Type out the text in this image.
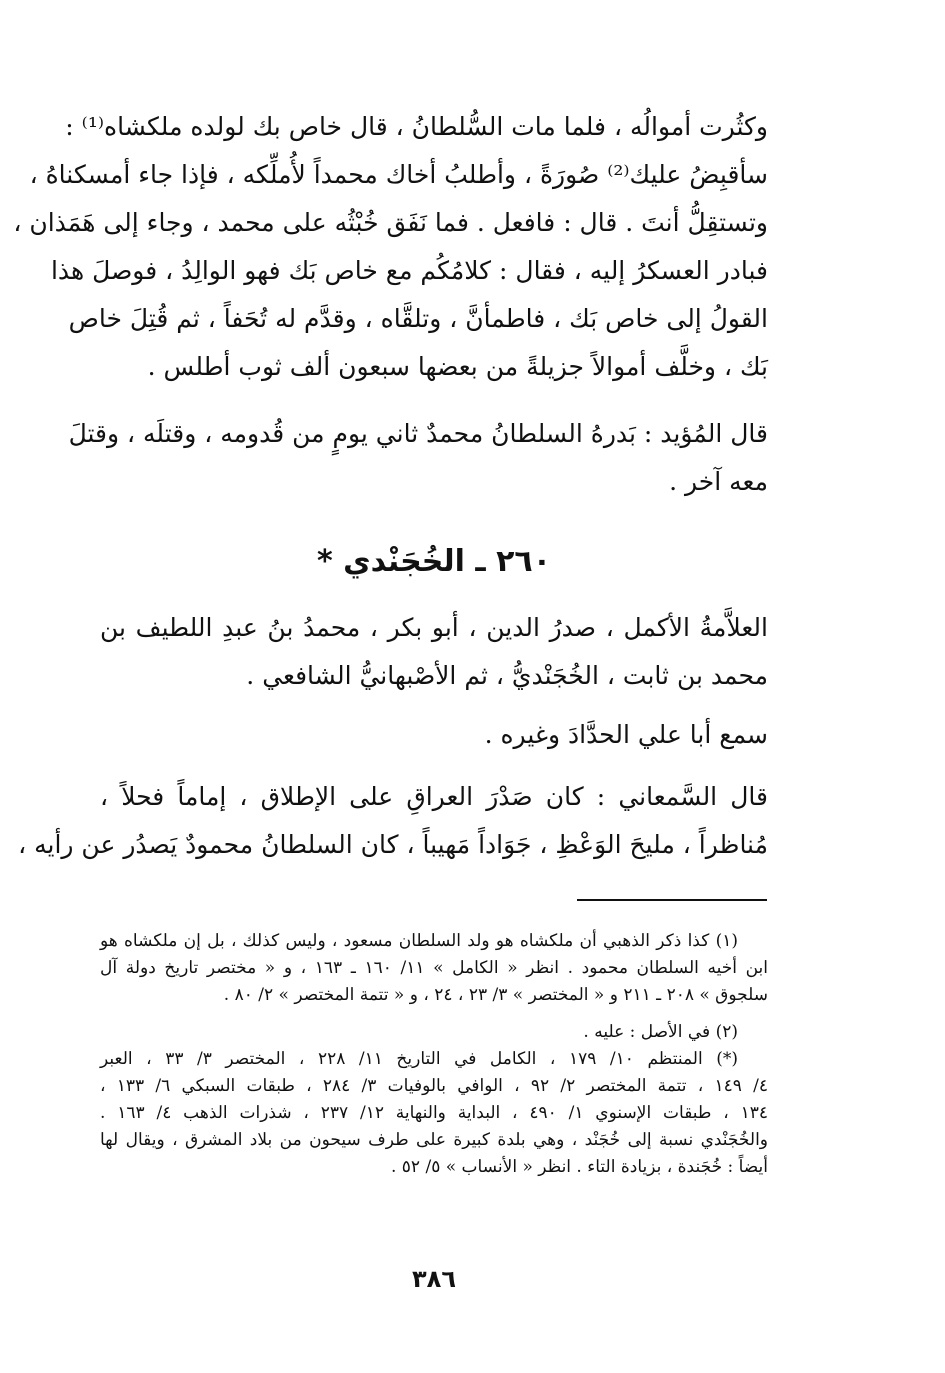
وكثُرت أموالُه ، فلما مات السُّلطانُ ، قال خاص بك لولده ملكشاه⁽¹⁾ :
سأقبِضُ عليك⁽²⁾ صُورَةً ، وأطلبُ أخاك محمداً لأُملِّكه ، فإذا جاء أمسكناهُ ،
وتستقِلُّ أنتَ . قال : فافعل . فما نَفَق خُبْثُه على محمد ، وجاء إلى هَمَذان ،
فبادر العسكرُ إليه ، فقال : كلامُكُم مع خاص بَك فهو الوالِدُ ، فوصلَ هذا
القولُ إلى خاص بَك ، فاطمأنَّ ، وتلقَّاه ، وقدَّم له تُحَفاً ، ثم قُتِلَ خاص
بَك ، وخلَّف أموالاً جزيلةً من بعضها سبعون ألف ثوب أطلس .
قال المُؤيد : بَدرهُ السلطانُ محمدٌ ثاني يومٍ من قُدومه ، وقتلَه ، وقتلَ
معه آخر .
٢٦٠ ـ الخُجَنْدي *
العلاَّمةُ الأكمل ، صدرُ الدين ، أبو بكر ، محمدُ بنُ عبدِ اللطيف بن
محمد بن ثابت ، الخُجَنْديُّ ، ثم الأصْبهانيُّ الشافعي .
سمع أبا علي الحدَّادَ وغيره .
قال السَّمعاني : كان صَدْرَ العراقِ على الإطلاق ، إماماً فحلاً ،
مُناظراً ، مليحَ الوَعْظِ ، جَوَاداً مَهيباً ، كان السلطانُ محمودٌ يَصدُر عن رأيه ،
(١) كذا ذكر الذهبي أن ملكشاه هو ولد السلطان مسعود ، وليس كذلك ، بل إن ملكشاه هو
ابن أخيه السلطان محمود . انظر « الكامل » ١١/ ١٦٠ ـ ١٦٣ ، و « مختصر تاريخ دولة آل
سلجوق » ٢٠٨ ـ ٢١١ و « المختصر » ٣/ ٢٣ ، ٢٤ ، و « تتمة المختصر » ٢/ ٨٠ .
(٢) في الأصل : عليه .
(*) المنتظم ١٠/ ١٧٩ ، الكامل في التاريخ ١١/ ٢٢٨ ، المختصر ٣/ ٣٣ ، العبر
٤/ ١٤٩ ، تتمة المختصر ٢/ ٩٢ ، الوافي بالوفيات ٣/ ٢٨٤ ، طبقات السبكي ٦/ ١٣٣ ،
١٣٤ ، طبقات الإسنوي ١/ ٤٩٠ ، البداية والنهاية ١٢/ ٢٣٧ ، شذرات الذهب ٤/ ١٦٣ .
والخُجَنْدي نسبة إلى خُجَنْد ، وهي بلدة كبيرة على طرف سيحون من بلاد المشرق ، ويقال لها
أيضاً : خُجَندة ، بزيادة التاء . انظر « الأنساب » ٥/ ٥٢ .
٣٨٦
